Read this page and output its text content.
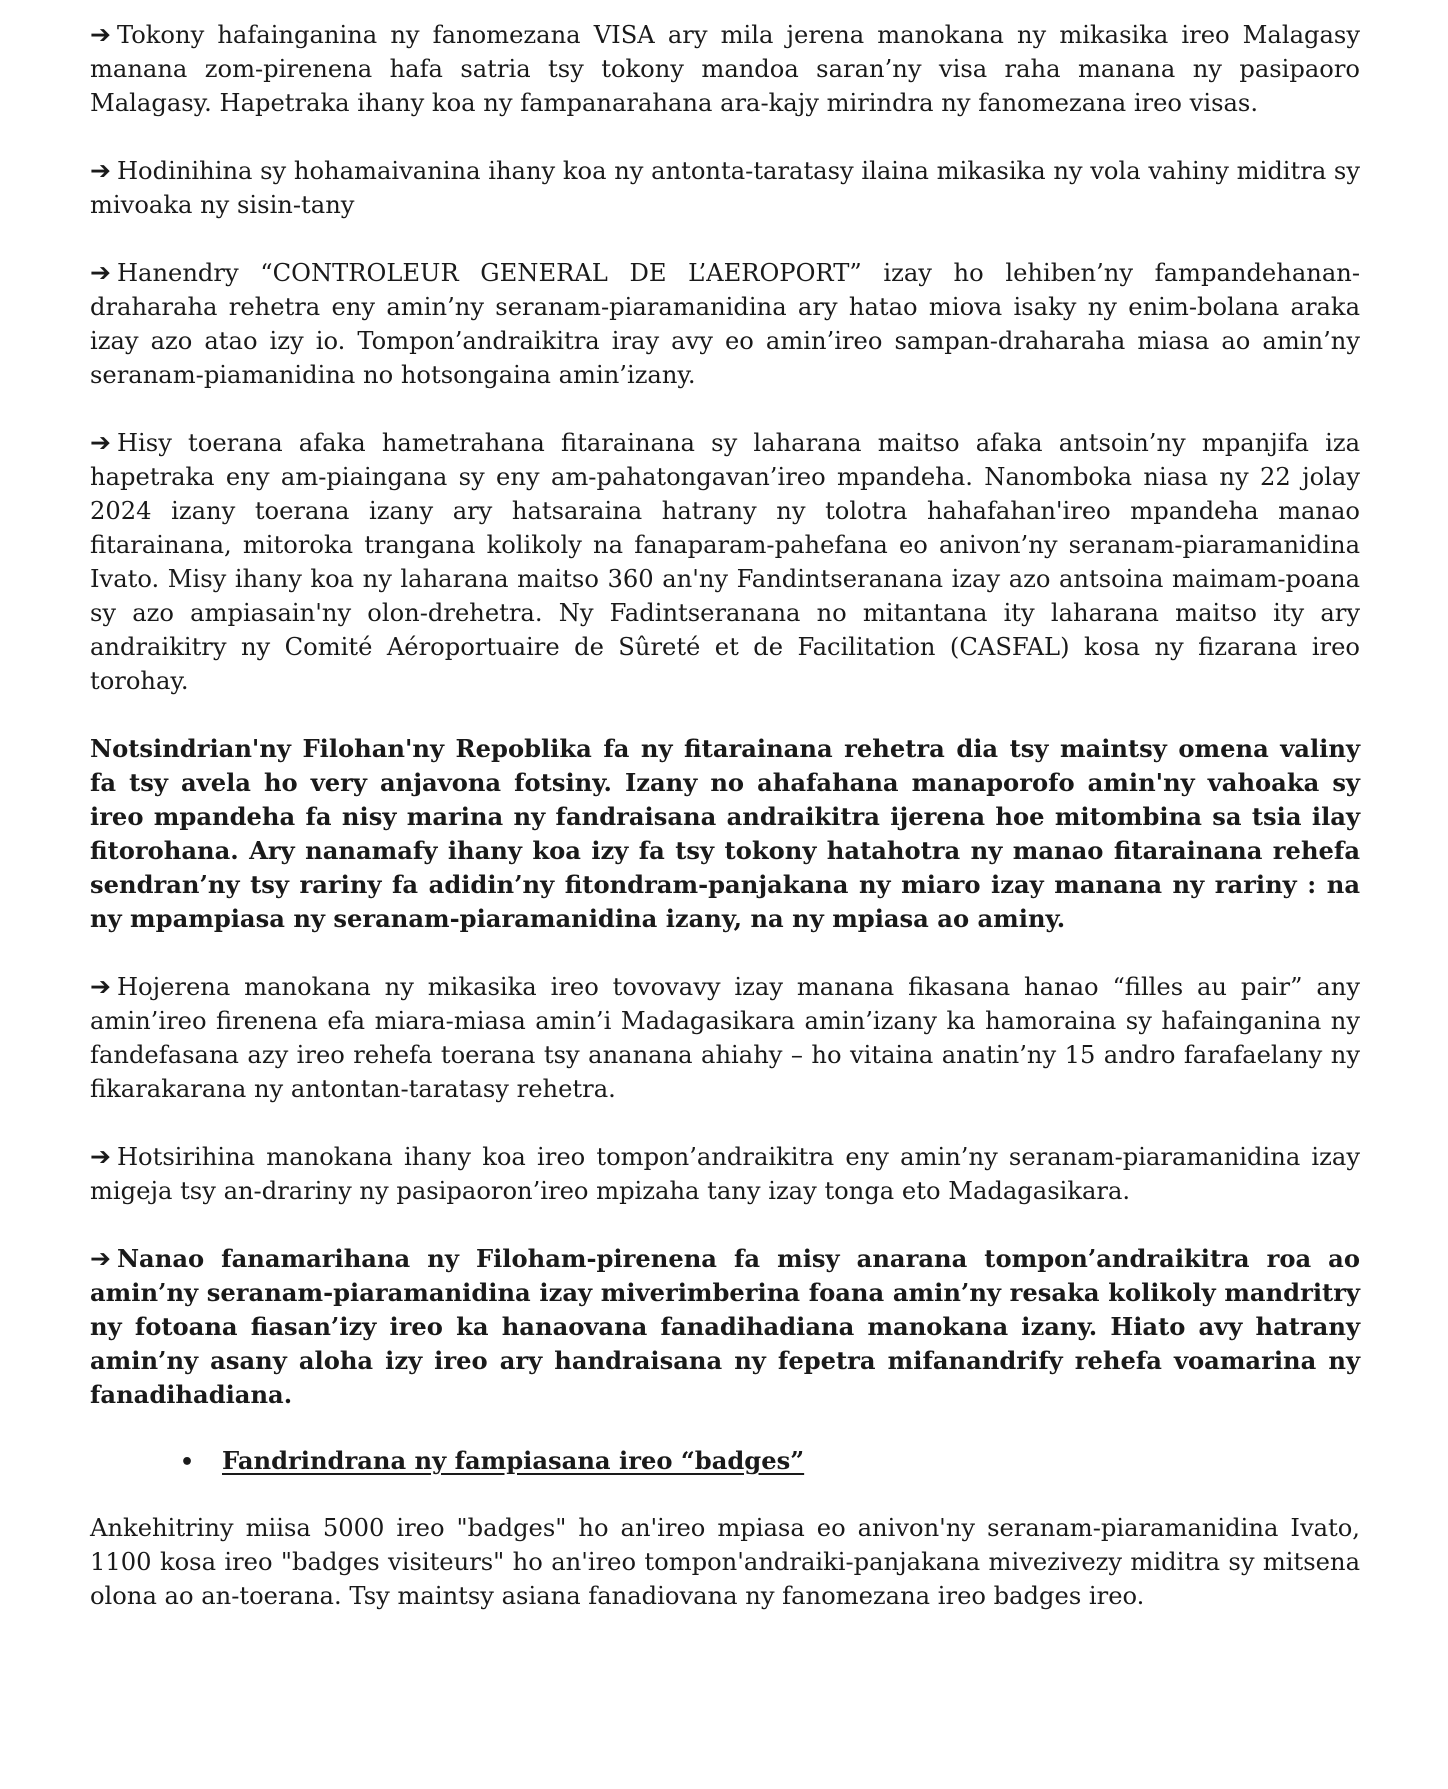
➔ Tokony hafainganina ny fanomezana VISA ary mila jerena manokana ny mikasika ireo Malagasy manana zom-pirenena hafa satria tsy tokony mandoa saran’ny visa raha manana ny pasipaoro Malagasy. Hapetraka ihany koa ny fampanarahana ara-kajy mirindra ny fanomezana ireo visas.

➔ Hodinihina sy hohamaivanina ihany koa ny antonta-taratasy ilaina mikasika ny vola vahiny miditra sy mivoaka ny sisin-tany

➔ Hanendry “CONTROLEUR GENERAL DE L’AEROPORT” izay ho lehiben’ny fampandehanan-draharaha rehetra eny amin’ny seranam-piaramanidina ary hatao miova isaky ny enim-bolana araka izay azo atao izy io. Tompon’andraikitra iray avy eo amin’ireo sampan-draharaha miasa ao amin’ny seranam-piamanidina no hotsongaina amin’izany.

➔ Hisy toerana afaka hametrahana fitarainana sy laharana maitso afaka antsoin’ny mpanjifa iza hapetraka eny am-piaingana sy eny am-pahatongavan’ireo mpandeha. Nanomboka niasa ny 22 jolay 2024 izany toerana izany ary hatsaraina hatrany ny tolotra hahafahan'ireo mpandeha manao fitarainana, mitoroka trangana kolikoly na fanaparam-pahefana eo anivon’ny seranam-piaramanidina Ivato. Misy ihany koa ny laharana maitso 360 an'ny Fandintseranana izay azo antsoina maimam-poana sy azo ampiasain'ny olon-drehetra. Ny Fadintseranana no mitantana ity laharana maitso ity ary andraikitry ny Comité Aéroportuaire de Sûreté et de Facilitation (CASFAL) kosa ny fizarana ireo torohay.

Notsindrian'ny Filohan'ny Repoblika fa ny fitarainana rehetra dia tsy maintsy omena valiny fa tsy avela ho very anjavona fotsiny. Izany no ahafahana manaporofo amin'ny vahoaka sy ireo mpandeha fa nisy marina ny fandraisana andraikitra ijerena hoe mitombina sa tsia ilay fitorohana. Ary nanamafy ihany koa izy fa tsy tokony hatahotra ny manao fitarainana rehefa sendran’ny tsy rariny fa adidin’ny fitondram-panjakana ny miaro izay manana ny rariny : na ny mpampiasa ny seranam-piaramanidina izany, na ny mpiasa ao aminy.

➔ Hojerena manokana ny mikasika ireo tovovavy izay manana fikasana hanao “filles au pair” any amin’ireo firenena efa miara-miasa amin’i Madagasikara amin’izany ka hamoraina sy hafainganina ny fandefasana azy ireo rehefa toerana tsy ananana ahiahy – ho vitaina anatin’ny 15 andro farafaelany ny fikarakarana ny antontan-taratasy rehetra.

➔ Hotsirihina manokana ihany koa ireo tompon’andraikitra eny amin’ny seranam-piaramanidina izay migeja tsy an-drariny ny pasipaoron’ireo mpizaha tany izay tonga eto Madagasikara.

➔ Nanao fanamarihana ny Filoham-pirenena fa misy anarana tompon’andraikitra roa ao amin’ny seranam-piaramanidina izay miverimberina foana amin’ny resaka kolikoly mandritry ny fotoana fiasan’izy ireo ka hanaovana fanadihadiana manokana izany. Hiato avy hatrany amin’ny asany aloha izy ireo ary handraisana ny fepetra mifanandrify rehefa voamarina ny fanadihadiana.

•	Fandrindrana ny fampiasana ireo “badges”

Ankehitriny miisa 5000 ireo "badges" ho an'ireo mpiasa eo anivon'ny seranam-piaramanidina Ivato, 1100 kosa ireo "badges visiteurs" ho an'ireo tompon'andraiki-panjakana mivezivezy miditra sy mitsena olona ao an-toerana. Tsy maintsy asiana fanadiovana ny fanomezana ireo badges ireo.
